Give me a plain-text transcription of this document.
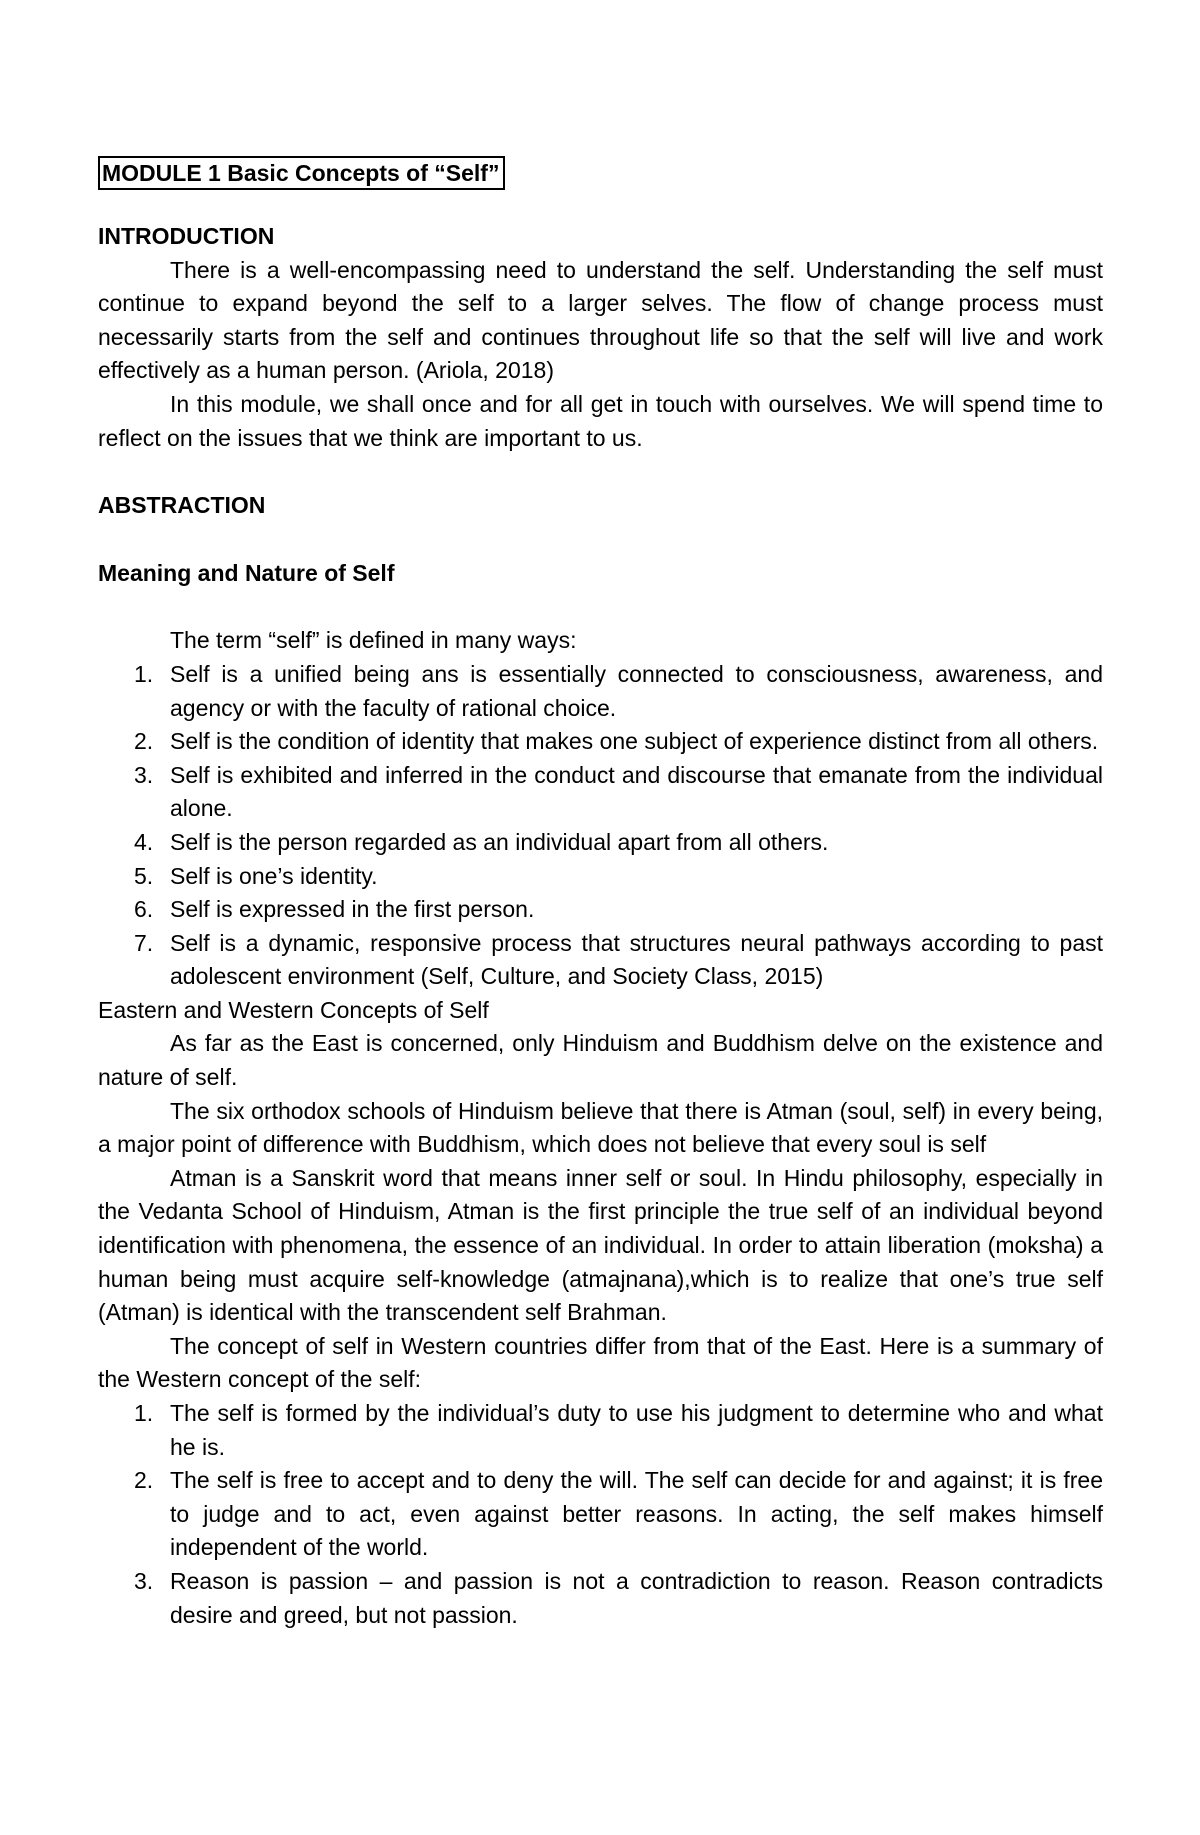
MODULE 1 Basic Concepts of “Self”
INTRODUCTION

There is a well-encompassing need to understand the self. Understanding the self must continue to expand beyond the self to a larger selves. The flow of change process must necessarily starts from the self and continues throughout life so that the self will live and work effectively as a human person. (Ariola, 2018)

In this module, we shall once and for all get in touch with ourselves. We will spend time to reflect on the issues that we think are important to us.

ABSTRACTION
Meaning and Nature of Self

The term “self” is defined in many ways:

1. Self is a unified being ans is essentially connected to consciousness, awareness, and agency or with the faculty of rational choice.
2. Self is the condition of identity that makes one subject of experience distinct from all others.
3. Self is exhibited and inferred in the conduct and discourse that emanate from the individual alone.
4. Self is the person regarded as an individual apart from all others.
5. Self is one’s identity.
6. Self is expressed in the first person.
7. Self is a dynamic, responsive process that structures neural pathways according to past adolescent environment (Self, Culture, and Society Class, 2015)
Eastern and Western Concepts of Self

As far as the East is concerned, only Hinduism and Buddhism delve on the existence and nature of self.

The six orthodox schools of Hinduism believe that there is Atman (soul, self) in every being, a major point of difference with Buddhism, which does not believe that every soul is self

Atman is a Sanskrit word that means inner self or soul. In Hindu philosophy, especially in the Vedanta School of Hinduism, Atman is the first principle the true self of an individual beyond identification with phenomena, the essence of an individual. In order to attain liberation (moksha) a human being must acquire self-knowledge (atmajnana),which is to realize that one’s true self (Atman) is identical with the transcendent self Brahman.

The concept of self in Western countries differ from that of the East. Here is a summary of the Western concept of the self:

1. The self is formed by the individual’s duty to use his judgment to determine who and what he is.
2. The self is free to accept and to deny the will. The self can decide for and against; it is free to judge and to act, even against better reasons. In acting, the self makes himself independent of the world.
3. Reason is passion – and passion is not a contradiction to reason. Reason contradicts desire and greed, but not passion.
